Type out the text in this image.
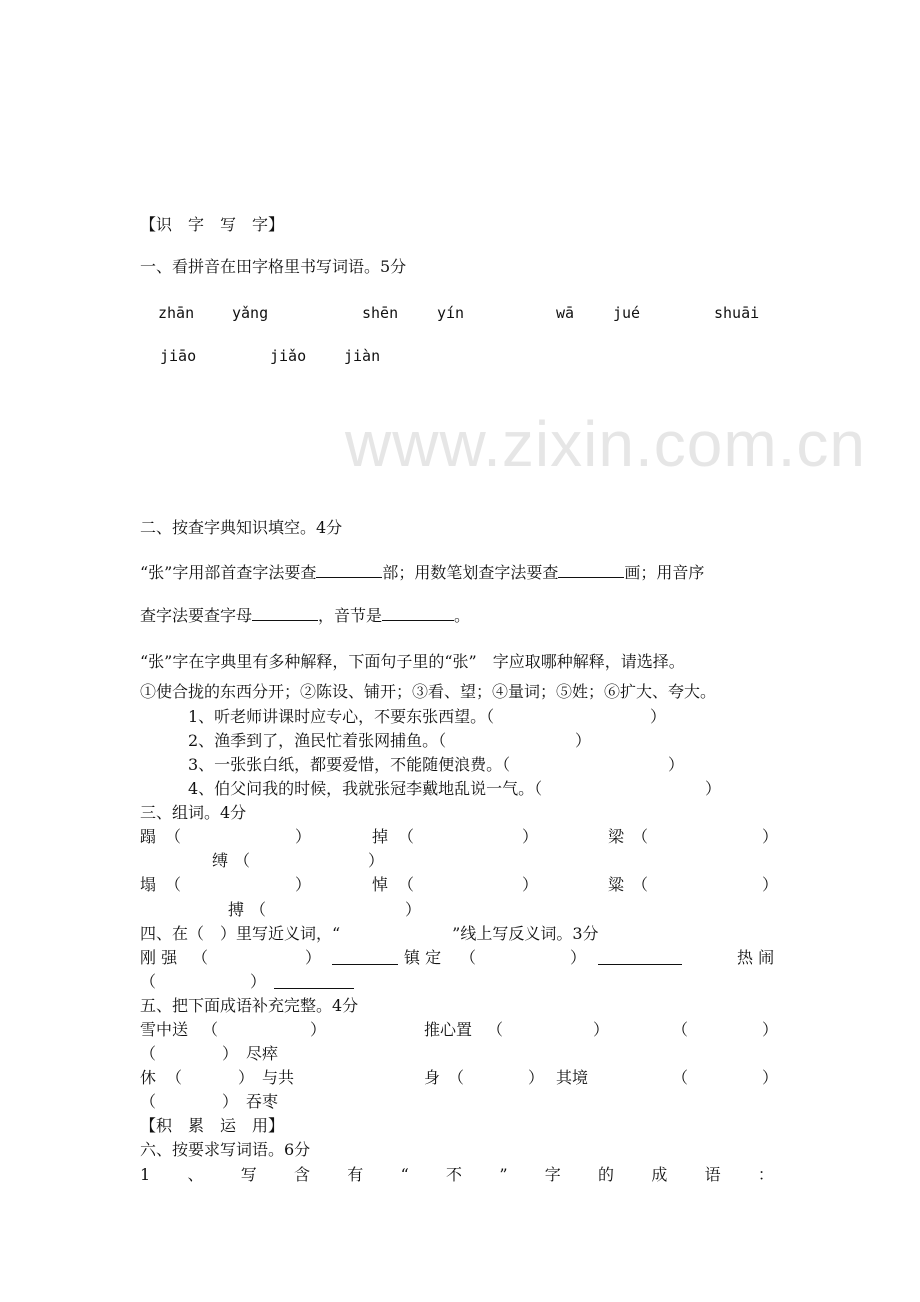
www.zixin.com.cn
【识　字　写　字】
一、看拼音在田字格里书写词语。5分
zhān	yǎng	shēn	yín	wā	jué	shuāi
jiāo	jiǎo	jiàn
二、按查字典知识填空。4分
“张”字用部首查字法要查	部；用数笔划查字法要查	画；用音序
查字法要查字母	，音节是	。
“张”字在字典里有多种解释，下面句子里的“张”　字应取哪种解释，请选择。
①使合拢的东西分开；②陈设、铺开；③看、望；④量词；⑤姓；⑥扩大、夸大。
1、听老师讲课时应专心，不要东张西望。（	）
2、渔季到了，渔民忙着张网捕鱼。（	）
3、一张张白纸，都要爱惜，不能随便浪费。（	）
4、伯父问我的时候，我就张冠李戴地乱说一气。（	）
三、组词。4分
蹋 （	）	掉 （	）	梁 （	）
缚 （	）
塌 （	）	悼 （	）	粱 （	）
搏 （	）
四、在（　）里写近义词，“　　　　　　　”线上写反义词。3分
刚 强 （	）	镇 定 （	）	热 闹
（	）
五、把下面成语补充完整。4分
雪中送 （	）	推心置 （	）	（	）
（	） 尽瘁
休 （	） 与共	身 （	） 其境	（	）
（	） 吞枣
【积　累　运　用】
六、按要求写词语。6分
1 、 写 含 有 “ 不 ” 字 的 成 语 ：
